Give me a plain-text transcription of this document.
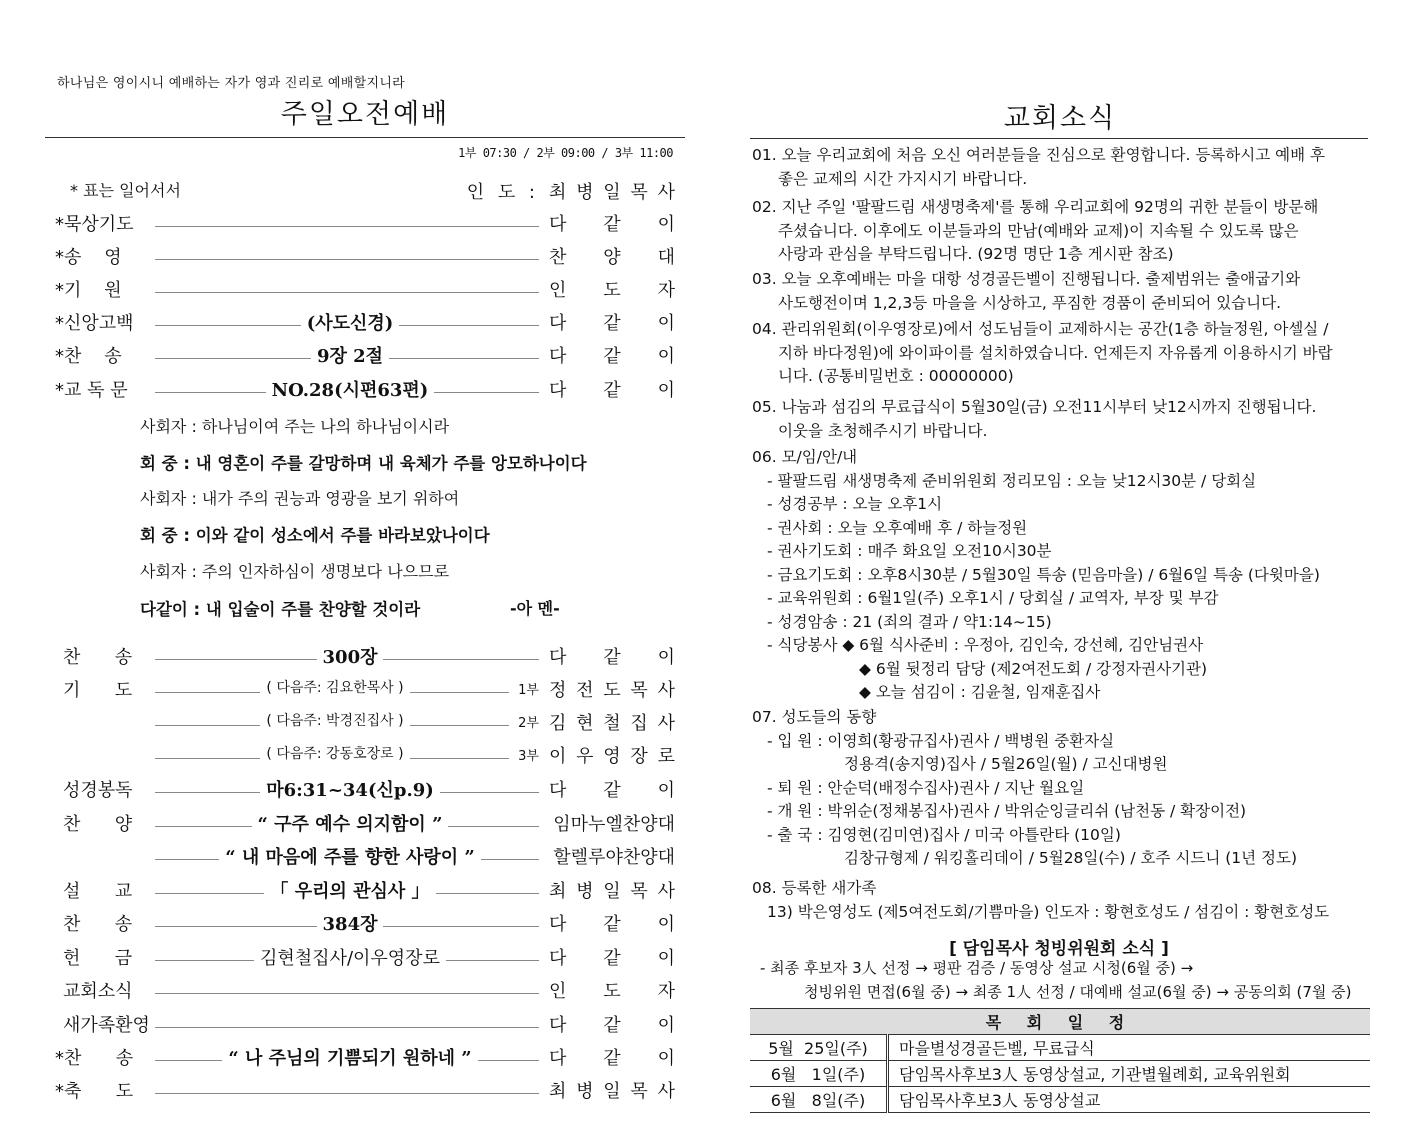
하나님은 영이시니 예배하는 자가 영과 진리로 예배할지니라
주일오전예배
1부 07:30 / 2부 09:00 / 3부 11:00
* 표는 일어서서	인 도 : 최 병 일 목 사
*묵상기도	다 같 이
*송    영	찬 양 대
*기    원	인 도 자
*신앙고백	(사도신경)	다 같 이
*찬    송	9장 2절	다 같 이
*교 독 문	NO.28(시편63편)	다 같 이
사회자 : 하나님이여 주는 나의 하나님이시라
회 중 : 내 영혼이 주를 갈망하며 내 육체가 주를 앙모하나이다
사회자 : 내가 주의 권능과 영광을 보기 위하여
회 중 : 이와 같이 성소에서 주를 바라보았나이다
사회자 : 주의 인자하심이 생명보다 나으므로
다같이 : 내 입술이 주를 찬양할 것이라	-아 멘-
찬      송	300장	다 같 이
기      도	( 다음주: 김요한목사 )	1부 정 전 도 목 사
( 다음주: 박경진집사 )	2부 김 현 철 집 사
( 다음주: 강동호장로 )	3부 이 우 영 장 로
성경봉독	마6:31~34(신p.9)	다 같 이
찬      양	“ 구주 예수 의지함이 ”	임마누엘찬양대
“ 내 마음에 주를 향한 사랑이 ”	할렐루야찬양대
설      교	「 우리의 관심사 」	최 병 일 목 사
찬      송	384장	다 같 이
헌      금	김현철집사/이우영장로	다 같 이
교회소식	인 도 자
새가족환영	다 같 이
*찬      송	“ 나 주님의 기쁨되기 원하네 ”	다 같 이
*축      도	최 병 일 목 사
교회소식
01. 오늘 우리교회에 처음 오신 여러분들을 진심으로 환영합니다. 등록하시고 예배 후
좋은 교제의 시간 가지시기 바랍니다.
02. 지난 주일 '팔팔드림 새생명축제'를 통해 우리교회에 92명의 귀한 분들이 방문해
주셨습니다. 이후에도 이분들과의 만남(예배와 교제)이 지속될 수 있도록 많은
사랑과 관심을 부탁드립니다. (92명 명단 1층 게시판 참조)
03. 오늘 오후예배는 마을 대항 성경골든벨이 진행됩니다. 출제범위는 출애굽기와
사도행전이며 1,2,3등 마을을 시상하고, 푸짐한 경품이 준비되어 있습니다.
04. 관리위원회(이우영장로)에서 성도님들이 교제하시는 공간(1층 하늘정원, 아셀실 /
지하 바다정원)에 와이파이를 설치하였습니다. 언제든지 자유롭게 이용하시기 바랍
니다. (공통비밀번호 : 00000000)
05. 나눔과 섬김의 무료급식이 5월30일(금) 오전11시부터 낮12시까지 진행됩니다.
이웃을 초청해주시기 바랍니다.
06. 모/임/안/내
- 팔팔드림 새생명축제 준비위원회 정리모임 : 오늘 낮12시30분 / 당회실
- 성경공부 : 오늘 오후1시
- 권사회 : 오늘 오후예배 후 / 하늘정원
- 권사기도회 : 매주 화요일 오전10시30분
- 금요기도회 : 오후8시30분 / 5월30일 특송 (믿음마을) / 6월6일 특송 (다윗마을)
- 교육위원회 : 6월1일(주) 오후1시 / 당회실 / 교역자, 부장 및 부감
- 성경암송 : 21 (죄의 결과 / 약1:14~15)
- 식당봉사 ◆ 6월 식사준비 : 우정아, 김인숙, 강선혜, 김안님권사
◆ 6월 뒷정리 담당 (제2여전도회 / 강정자권사기관)
◆ 오늘 섬김이 : 김윤철, 임재훈집사
07. 성도들의 동향
- 입 원 : 이영희(황광규집사)권사 / 백병원 중환자실
정용격(송지영)집사 / 5월26일(월) / 고신대병원
- 퇴 원 : 안순덕(배정수집사)권사 / 지난 월요일
- 개 원 : 박위순(정채봉집사)권사 / 박위순잉글리쉬 (남천동 / 확장이전)
- 출 국 : 김영현(김미연)집사 / 미국 아틀란타 (10일)
김창규형제 / 워킹홀리데이 / 5월28일(수) / 호주 시드니 (1년 정도)
08. 등록한 새가족
13) 박은영성도 (제5여전도회/기쁨마을) 인도자 : 황현호성도 / 섬김이 : 황현호성도
[ 담임목사 청빙위원회 소식 ]
- 최종 후보자 3人 선정 → 평판 검증 / 동영상 설교 시청(6월 중) →
청빙위원 면접(6월 중) → 최종 1人 선정 / 대예배 설교(6월 중) → 공동의회 (7월 중)
목 회 일 정	
5월  25일(주)	마을별성경골든벨, 무료급식
6월   1일(주)	담임목사후보3人 동영상설교, 기관별월례회, 교육위원회
6월   8일(주)	담임목사후보3人 동영상설교
